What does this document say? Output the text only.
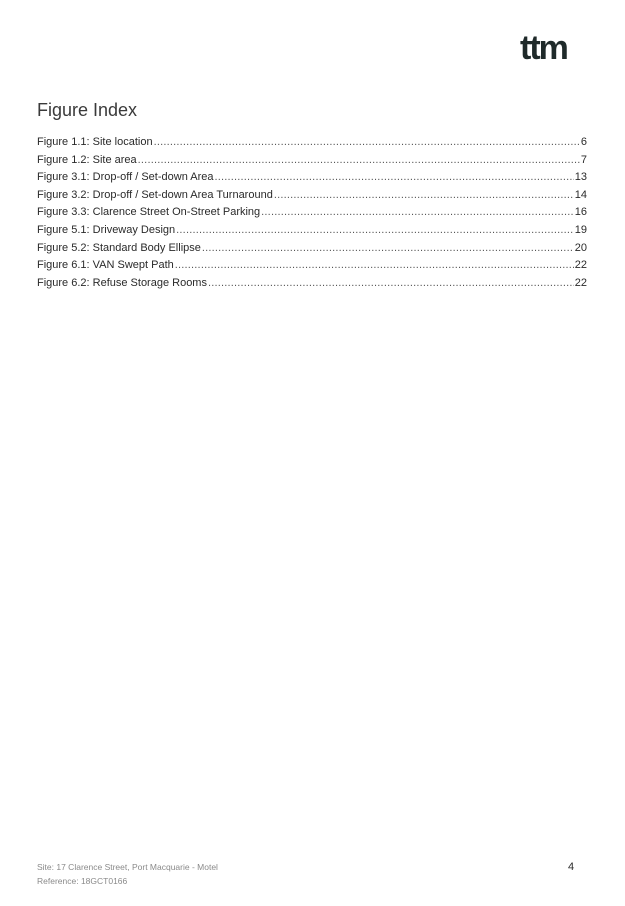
ttm
Figure Index
Figure 1.1: Site location .....	6
Figure 1.2: Site area .....	7
Figure 3.1: Drop-off / Set-down Area .....	13
Figure 3.2: Drop-off / Set-down Area Turnaround .....	14
Figure 3.3: Clarence Street On-Street Parking .....	16
Figure 5.1: Driveway Design .....	19
Figure 5.2: Standard Body Ellipse .....	20
Figure 6.1: VAN Swept Path .....	22
Figure 6.2: Refuse Storage Rooms .....	22
Site: 17 Clarence Street, Port Macquarie - Motel
Reference: 18GCT0166
4
